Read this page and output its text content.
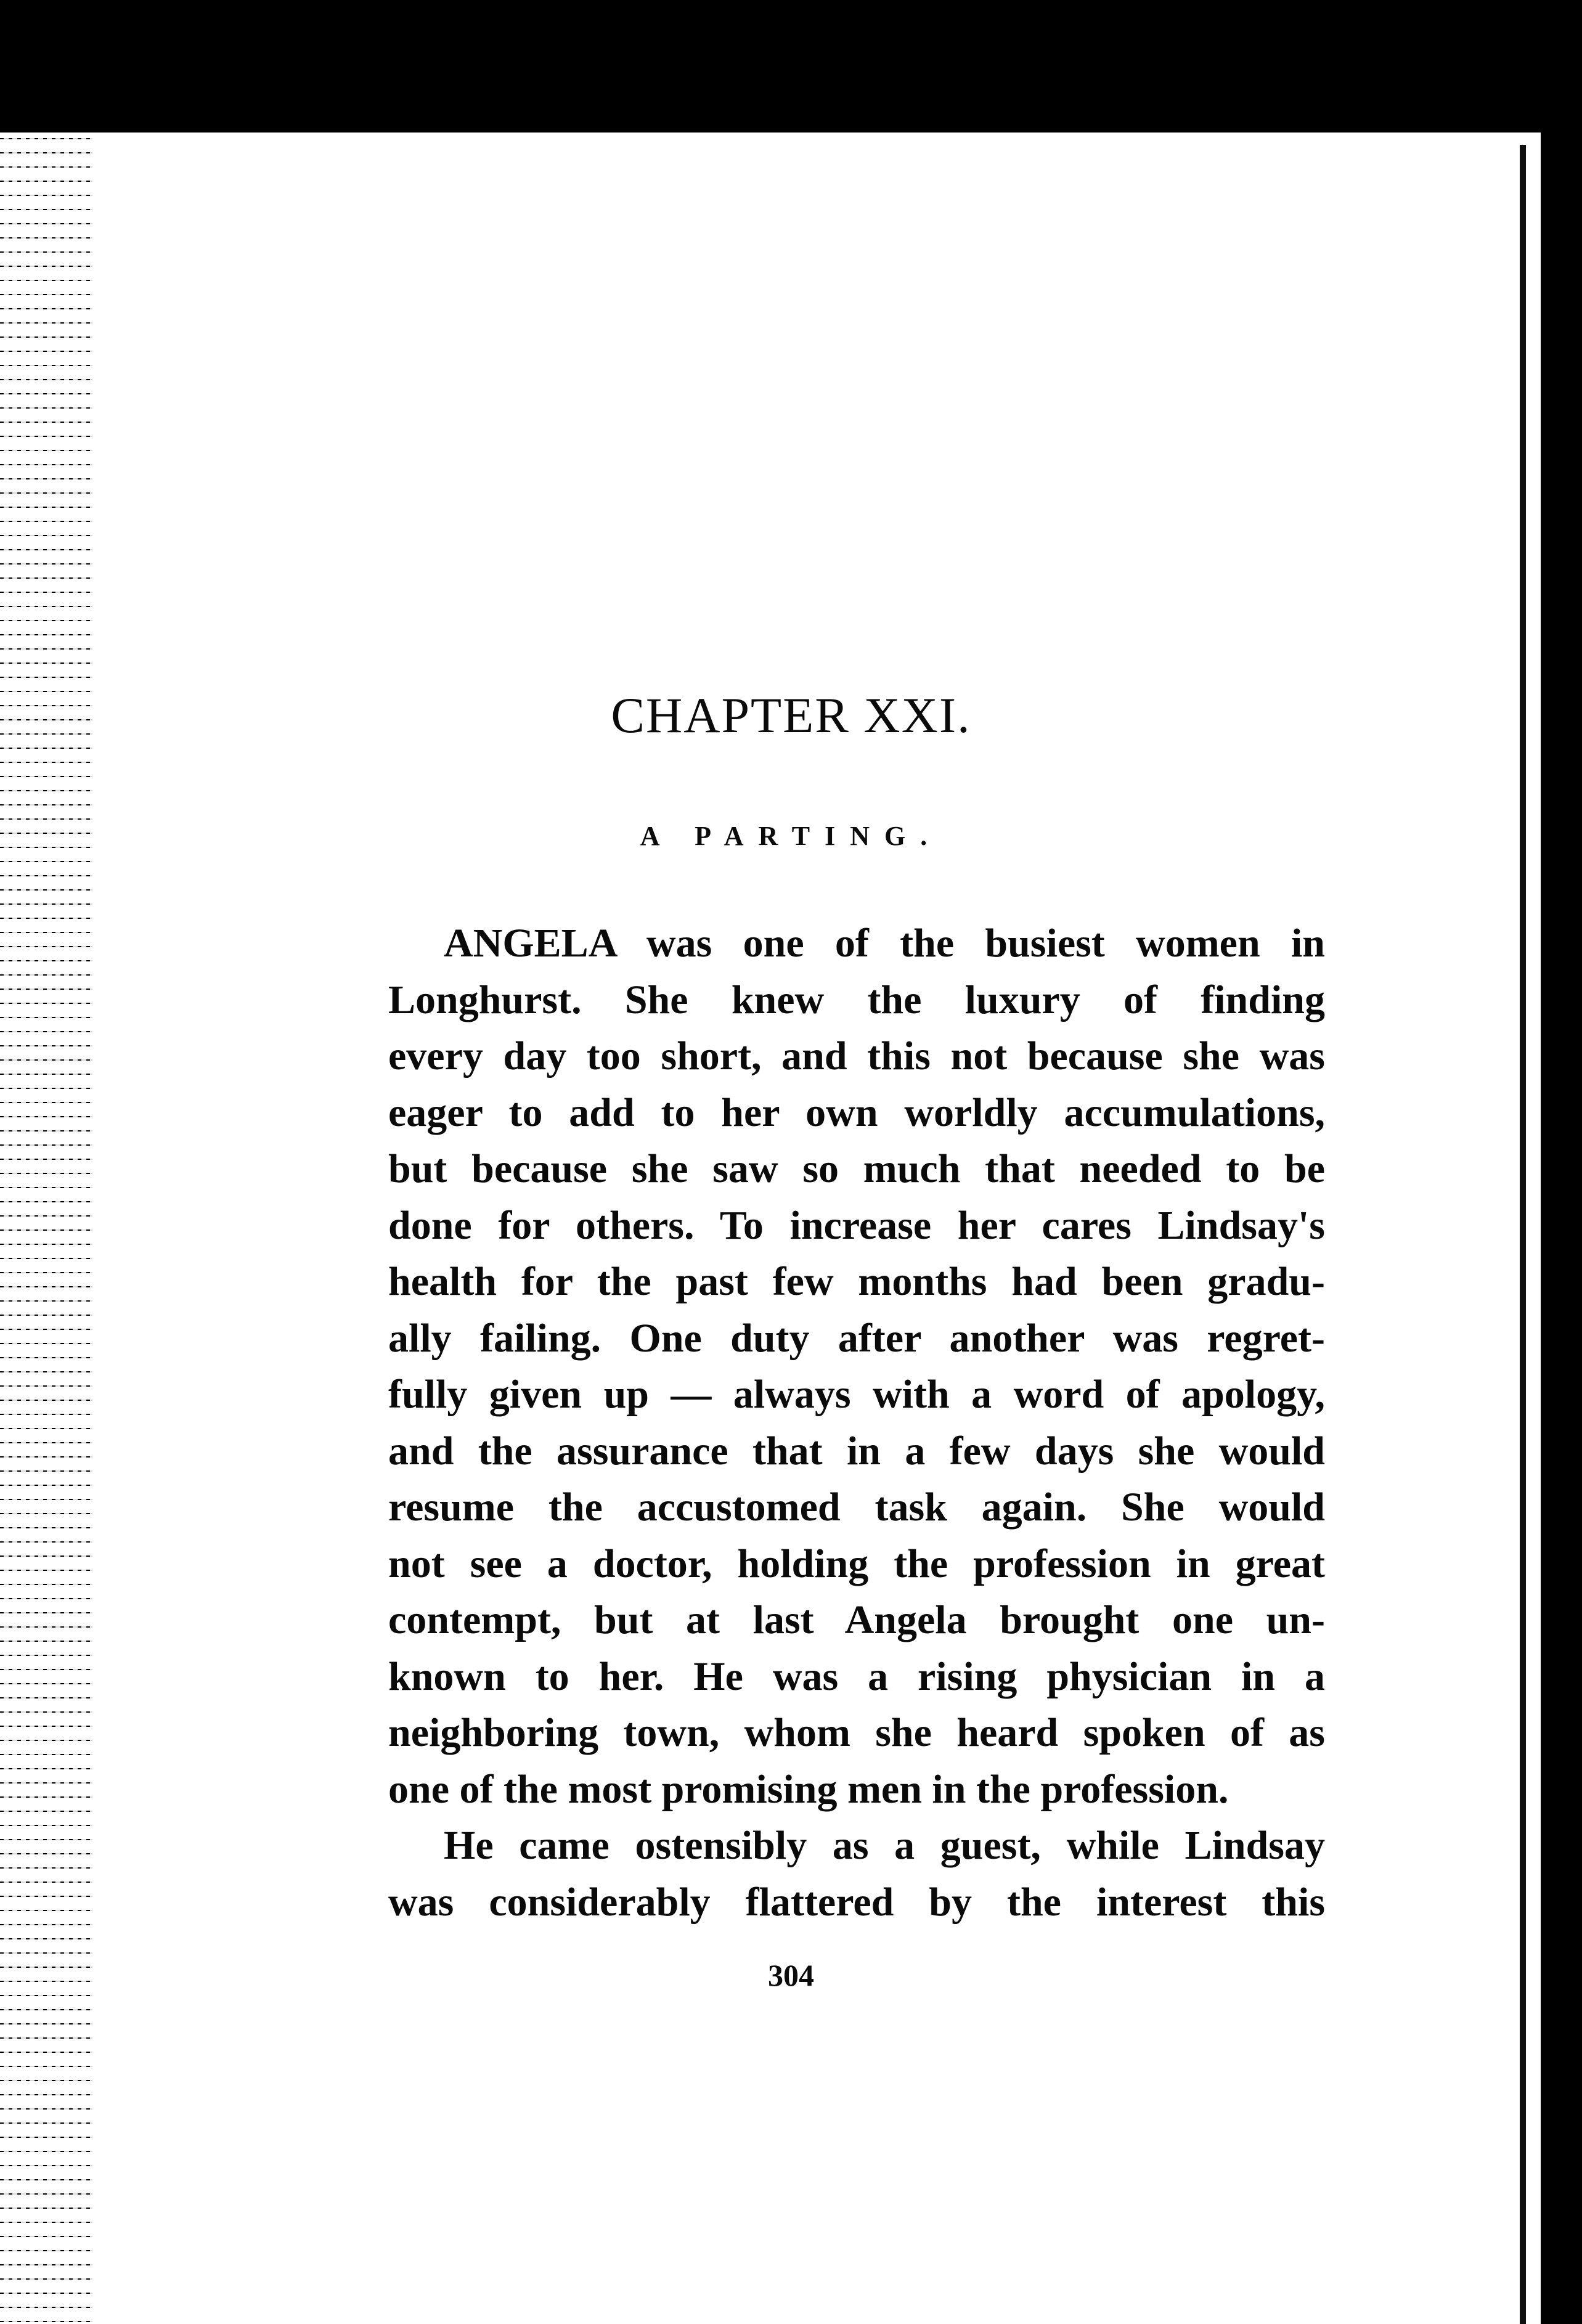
CHAPTER XXI.
A PARTING.
ANGELA was one of the busiest women in
Longhurst. She knew the luxury of finding
every day too short, and this not because she was
eager to add to her own worldly accumulations,
but because she saw so much that needed to be
done for others. To increase her cares Lindsay's
health for the past few months had been gradu-
ally failing. One duty after another was regret-
fully given up — always with a word of apology,
and the assurance that in a few days she would
resume the accustomed task again. She would
not see a doctor, holding the profession in great
contempt, but at last Angela brought one un-
known to her. He was a rising physician in a
neighboring town, whom she heard spoken of as
one of the most promising men in the profession.
He came ostensibly as a guest, while Lindsay
was considerably flattered by the interest this
304
